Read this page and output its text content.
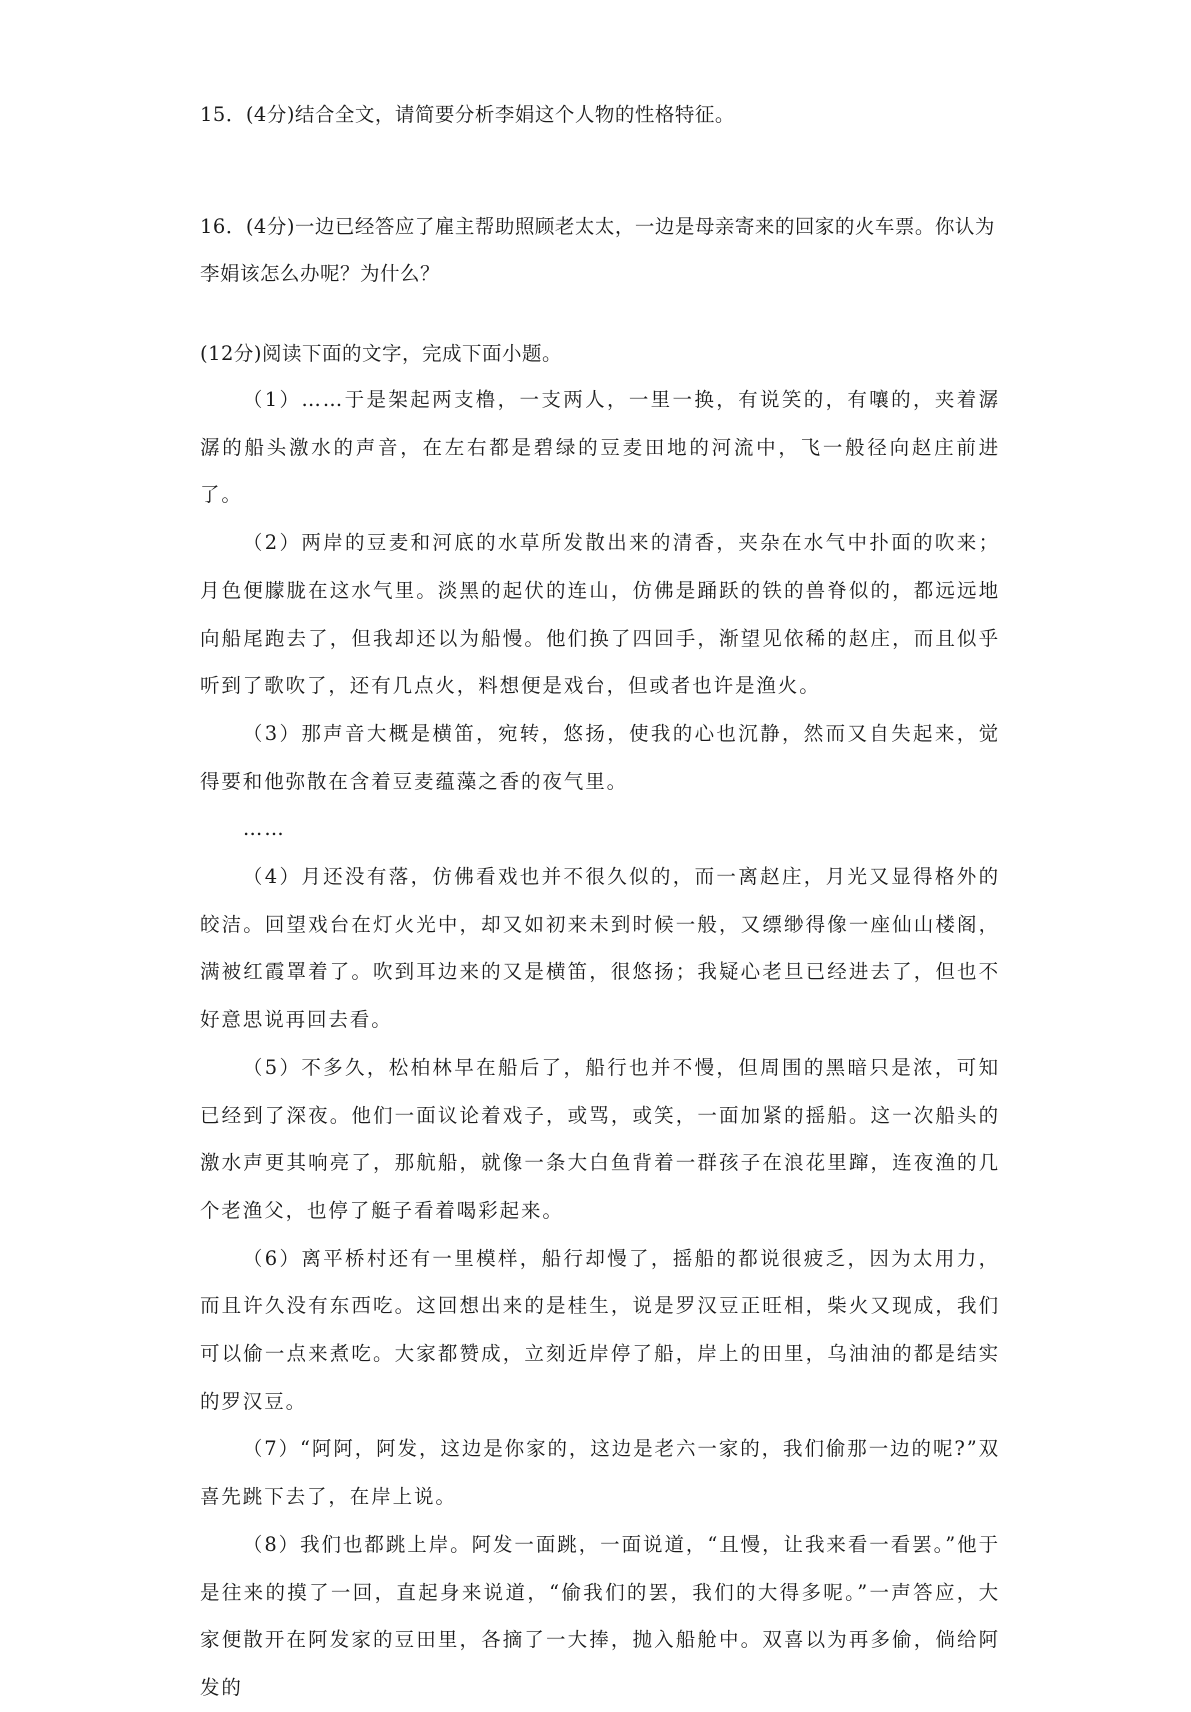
15．(4分)结合全文，请简要分析李娟这个人物的性格特征。

16．(4分)一边已经答应了雇主帮助照顾老太太，一边是母亲寄来的回家的火车票。你认为李娟该怎么办呢？为什么？

(12分)阅读下面的文字，完成下面小题。

（1）……于是架起两支橹，一支两人，一里一换，有说笑的，有嚷的，夹着潺潺的船头激水的声音，在左右都是碧绿的豆麦田地的河流中，飞一般径向赵庄前进了。

（2）两岸的豆麦和河底的水草所发散出来的清香，夹杂在水气中扑面的吹来；月色便朦胧在这水气里。淡黑的起伏的连山，仿佛是踊跃的铁的兽脊似的，都远远地向船尾跑去了，但我却还以为船慢。他们换了四回手，渐望见依稀的赵庄，而且似乎听到了歌吹了，还有几点火，料想便是戏台，但或者也许是渔火。

（3）那声音大概是横笛，宛转，悠扬，使我的心也沉静，然而又自失起来，觉得要和他弥散在含着豆麦蕴藻之香的夜气里。

……

（4）月还没有落，仿佛看戏也并不很久似的，而一离赵庄，月光又显得格外的皎洁。回望戏台在灯火光中，却又如初来未到时候一般，又缥缈得像一座仙山楼阁，满被红霞罩着了。吹到耳边来的又是横笛，很悠扬；我疑心老旦已经进去了，但也不好意思说再回去看。

（5）不多久，松柏林早在船后了，船行也并不慢，但周围的黑暗只是浓，可知已经到了深夜。他们一面议论着戏子，或骂，或笑，一面加紧的摇船。这一次船头的激水声更其响亮了，那航船，就像一条大白鱼背着一群孩子在浪花里蹿，连夜渔的几个老渔父，也停了艇子看着喝彩起来。

（6）离平桥村还有一里模样，船行却慢了，摇船的都说很疲乏，因为太用力，而且许久没有东西吃。这回想出来的是桂生，说是罗汉豆正旺相，柴火又现成，我们可以偷一点来煮吃。大家都赞成，立刻近岸停了船，岸上的田里，乌油油的都是结实的罗汉豆。

（7）“阿阿，阿发，这边是你家的，这边是老六一家的，我们偷那一边的呢?”双喜先跳下去了，在岸上说。

（8）我们也都跳上岸。阿发一面跳，一面说道，“且慢，让我来看一看罢。”他于是往来的摸了一回，直起身来说道，“偷我们的罢，我们的大得多呢。”一声答应，大家便散开在阿发家的豆田里，各摘了一大捧，抛入船舱中。双喜以为再多偷，倘给阿发的
